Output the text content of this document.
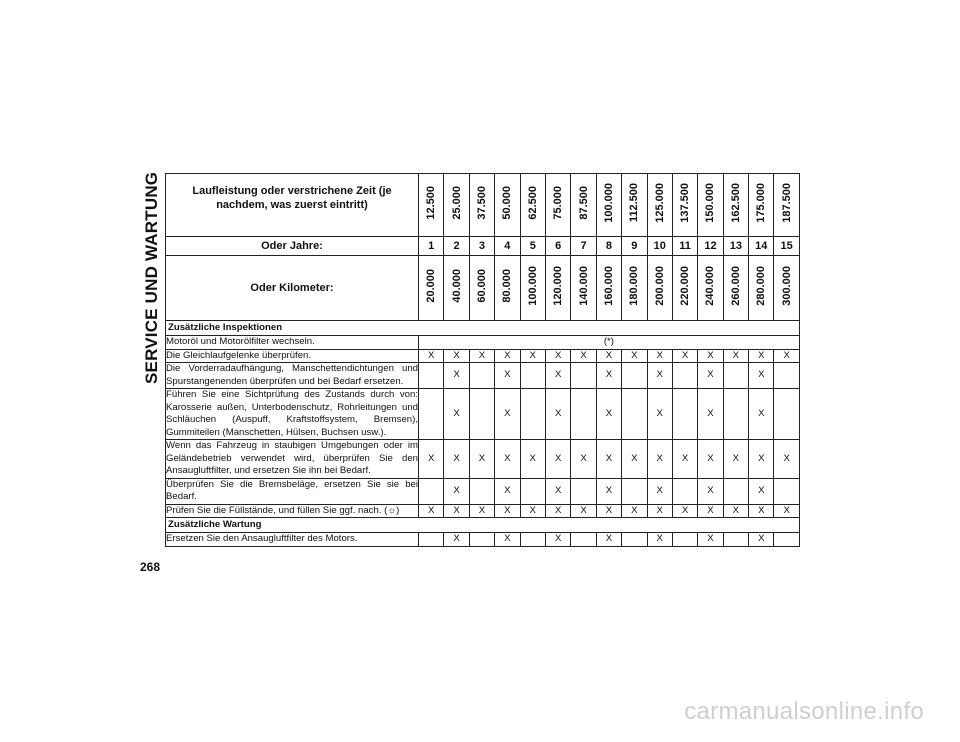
SERVICE UND WARTUNG
268
Laufleistung oder verstrichene Zeit (je nachdem, was zuerst eintritt)	12.500	25.000	37.500	50.000	62.500	75.000	87.500	100.000	112.500	125.000	137.500	150.000	162.500	175.000	187.500
Oder Jahre:	1	2	3	4	5	6	7	8	9	10	11	12	13	14	15
Oder Kilometer:	20.000	40.000	60.000	80.000	100.000	120.000	140.000	160.000	180.000	200.000	220.000	240.000	260.000	280.000	300.000
Zusätzliche Inspektionen															
Motoröl und Motorölfilter wechseln.	(*)														
Die Gleichlaufgelenke überprüfen.	X	X	X	X	X	X	X	X	X	X	X	X	X	X	X
Die Vorderradaufhängung, Manschettendichtungen und Spurstangenenden überprüfen und bei Bedarf ersetzen.		X		X		X		X		X		X		X	
Führen Sie eine Sichtprüfung des Zustands durch von: Karosserie außen, Unterbodenschutz, Rohrleitungen und Schläuchen (Auspuff, Kraftstoffsystem, Bremsen), Gummiteilen (Manschetten, Hülsen, Buchsen usw.).		X		X		X		X		X		X		X	
Wenn das Fahrzeug in staubigen Umgebungen oder im Geländebetrieb verwendet wird, überprüfen Sie den Ansaugluftfilter, und ersetzen Sie ihn bei Bedarf.	X	X	X	X	X	X	X	X	X	X	X	X	X	X	X
Überprüfen Sie die Bremsbeläge, ersetzen Sie sie bei Bedarf.		X		X		X		X		X		X		X	
Prüfen Sie die Füllstände, und füllen Sie ggf. nach. (☼)	X	X	X	X	X	X	X	X	X	X	X	X	X	X	X
Zusätzliche Wartung															
Ersetzen Sie den Ansaugluftfilter des Motors.		X		X		X		X		X		X		X	
carmanualsonline.info
